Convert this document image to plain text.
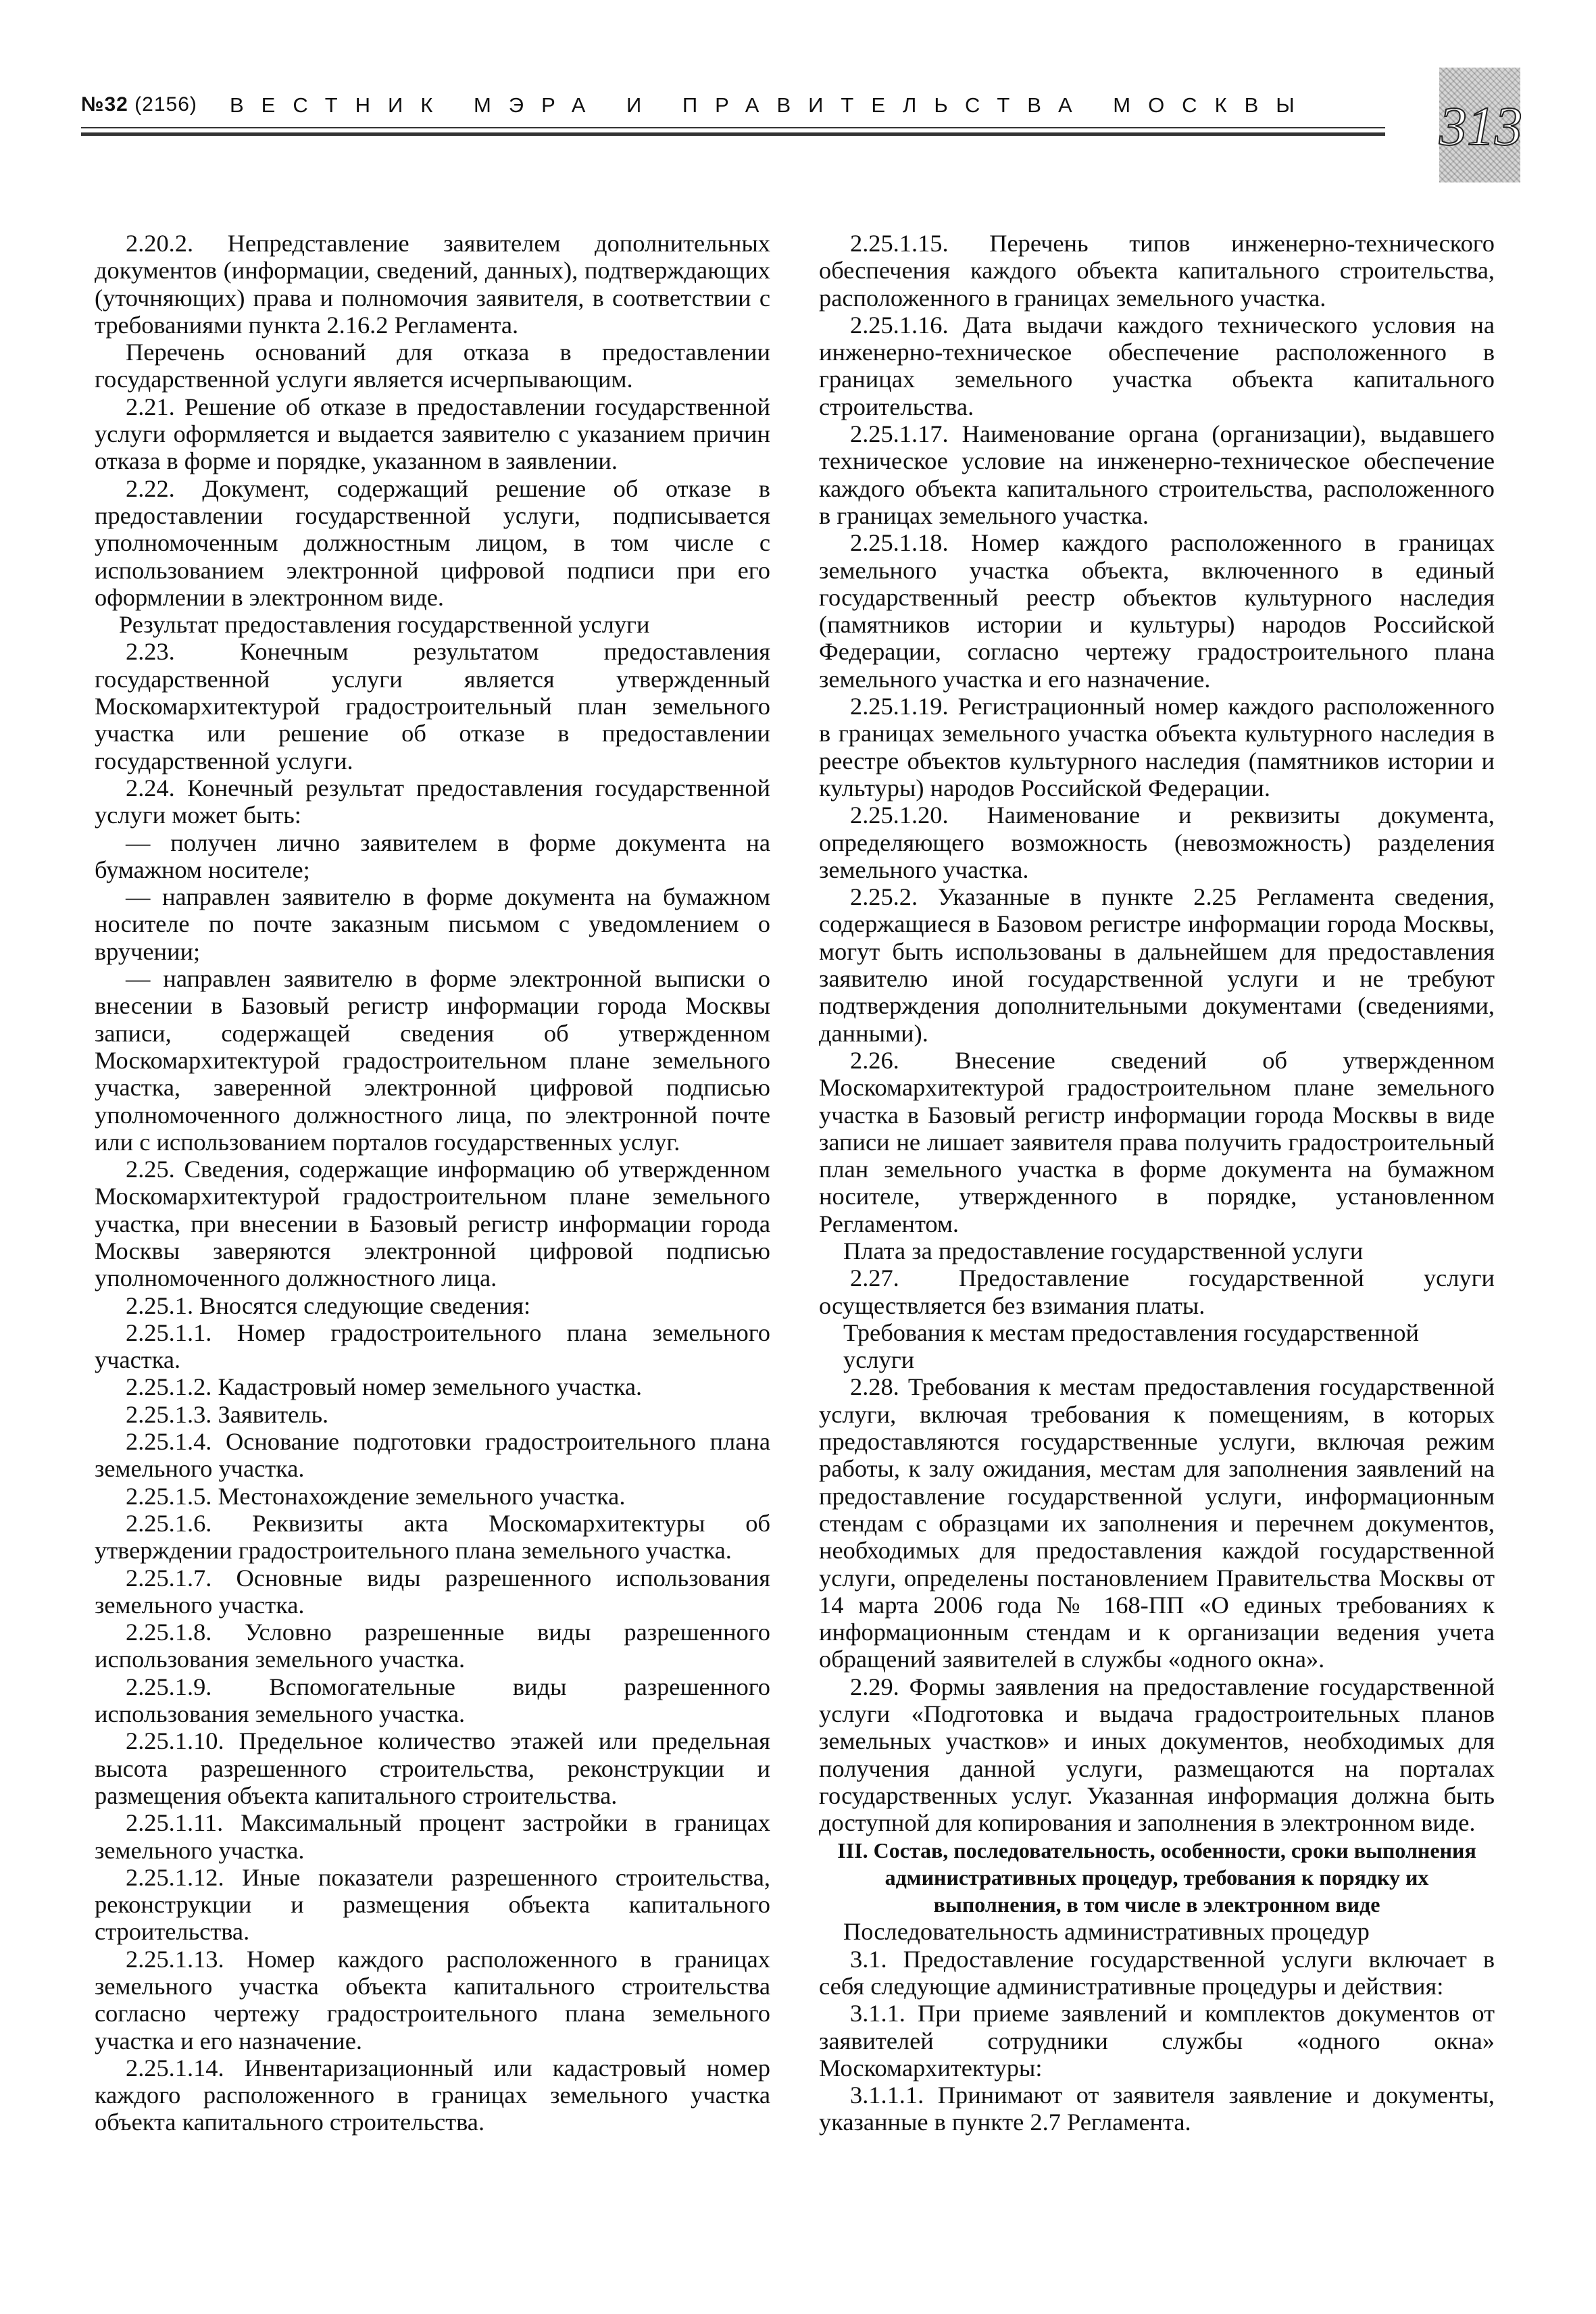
№32 (2156) ВЕСТНИК МЭРА И ПРАВИТЕЛЬСТВА МОСКВЫ 313

2.20.2. Непредставление заявителем дополнительных документов (информации, сведений, данных), подтверждающих (уточняющих) права и полномочия заявителя, в соответствии с требованиями пункта 2.16.2 Регламента.

Перечень оснований для отказа в предоставлении государственной услуги является исчерпывающим.

2.21. Решение об отказе в предоставлении государственной услуги оформляется и выдается заявителю с указанием причин отказа в форме и порядке, указанном в заявлении.

2.22. Документ, содержащий решение об отказе в предоставлении государственной услуги, подписывается уполномоченным должностным лицом, в том числе с использованием электронной цифровой подписи при его оформлении в электронном виде.

Результат предоставления государственной услуги

2.23. Конечным результатом предоставления государственной услуги является утвержденный Москомархитектурой градостроительный план земельного участка или решение об отказе в предоставлении государственной услуги.

2.24. Конечный результат предоставления государственной услуги может быть:

— получен лично заявителем в форме документа на бумажном носителе;

— направлен заявителю в форме документа на бумажном носителе по почте заказным письмом с уведомлением о вручении;

— направлен заявителю в форме электронной выписки о внесении в Базовый регистр информации города Москвы записи, содержащей сведения об утвержденном Москомархитектурой градостроительном плане земельного участка, заверенной электронной цифровой подписью уполномоченного должностного лица, по электронной почте или с использованием порталов государственных услуг.

2.25. Сведения, содержащие информацию об утвержденном Москомархитектурой градостроительном плане земельного участка, при внесении в Базовый регистр информации города Москвы заверяются электронной цифровой подписью уполномоченного должностного лица.

2.25.1. Вносятся следующие сведения:

2.25.1.1. Номер градостроительного плана земельного участка.

2.25.1.2. Кадастровый номер земельного участка.

2.25.1.3. Заявитель.

2.25.1.4. Основание подготовки градостроительного плана земельного участка.

2.25.1.5. Местонахождение земельного участка.

2.25.1.6. Реквизиты акта Москомархитектуры об утверждении градостроительного плана земельного участка.

2.25.1.7. Основные виды разрешенного использования земельного участка.

2.25.1.8. Условно разрешенные виды разрешенного использования земельного участка.

2.25.1.9. Вспомогательные виды разрешенного использования земельного участка.

2.25.1.10. Предельное количество этажей или предельная высота разрешенного строительства, реконструкции и размещения объекта капитального строительства.

2.25.1.11. Максимальный процент застройки в границах земельного участка.

2.25.1.12. Иные показатели разрешенного строительства, реконструкции и размещения объекта капитального строительства.

2.25.1.13. Номер каждого расположенного в границах земельного участка объекта капитального строительства согласно чертежу градостроительного плана земельного участка и его назначение.

2.25.1.14. Инвентаризационный или кадастровый номер каждого расположенного в границах земельного участка объекта капитального строительства.

2.25.1.15. Перечень типов инженерно-технического обеспечения каждого объекта капитального строительства, расположенного в границах земельного участка.

2.25.1.16. Дата выдачи каждого технического условия на инженерно-техническое обеспечение расположенного в границах земельного участка объекта капитального строительства.

2.25.1.17. Наименование органа (организации), выдавшего техническое условие на инженерно-техническое обеспечение каждого объекта капитального строительства, расположенного в границах земельного участка.

2.25.1.18. Номер каждого расположенного в границах земельного участка объекта, включенного в единый государственный реестр объектов культурного наследия (памятников истории и культуры) народов Российской Федерации, согласно чертежу градостроительного плана земельного участка и его назначение.

2.25.1.19. Регистрационный номер каждого расположенного в границах земельного участка объекта культурного наследия в реестре объектов культурного наследия (памятников истории и культуры) народов Российской Федерации.

2.25.1.20. Наименование и реквизиты документа, определяющего возможность (невозможность) разделения земельного участка.

2.25.2. Указанные в пункте 2.25 Регламента сведения, содержащиеся в Базовом регистре информации города Москвы, могут быть использованы в дальнейшем для предоставления заявителю иной государственной услуги и не требуют подтверждения дополнительными документами (сведениями, данными).

2.26. Внесение сведений об утвержденном Москомархитектурой градостроительном плане земельного участка в Базовый регистр информации города Москвы в виде записи не лишает заявителя права получить градостроительный план земельного участка в форме документа на бумажном носителе, утвержденного в порядке, установленном Регламентом.

Плата за предоставление государственной услуги

2.27. Предоставление государственной услуги осуществляется без взимания платы.

Требования к местам предоставления государственной услуги

2.28. Требования к местам предоставления государственной услуги, включая требования к помещениям, в которых предоставляются государственные услуги, включая режим работы, к залу ожидания, местам для заполнения заявлений на предоставление государственной услуги, информационным стендам с образцами их заполнения и перечнем документов, необходимых для предоставления каждой государственной услуги, определены постановлением Правительства Москвы от 14 марта 2006 года № 168-ПП «О единых требованиях к информационным стендам и к организации ведения учета обращений заявителей в службы «одного окна».

2.29. Формы заявления на предоставление государственной услуги «Подготовка и выдача градостроительных планов земельных участков» и иных документов, необходимых для получения данной услуги, размещаются на порталах государственных услуг. Указанная информация должна быть доступной для копирования и заполнения в электронном виде.

III. Состав, последовательность, особенности, сроки выполнения административных процедур, требования к порядку их выполнения, в том числе в электронном виде

Последовательность административных процедур

3.1. Предоставление государственной услуги включает в себя следующие административные процедуры и действия:

3.1.1. При приеме заявлений и комплектов документов от заявителей сотрудники службы «одного окна» Москомархитектуры:

3.1.1.1. Принимают от заявителя заявление и документы, указанные в пункте 2.7 Регламента.
